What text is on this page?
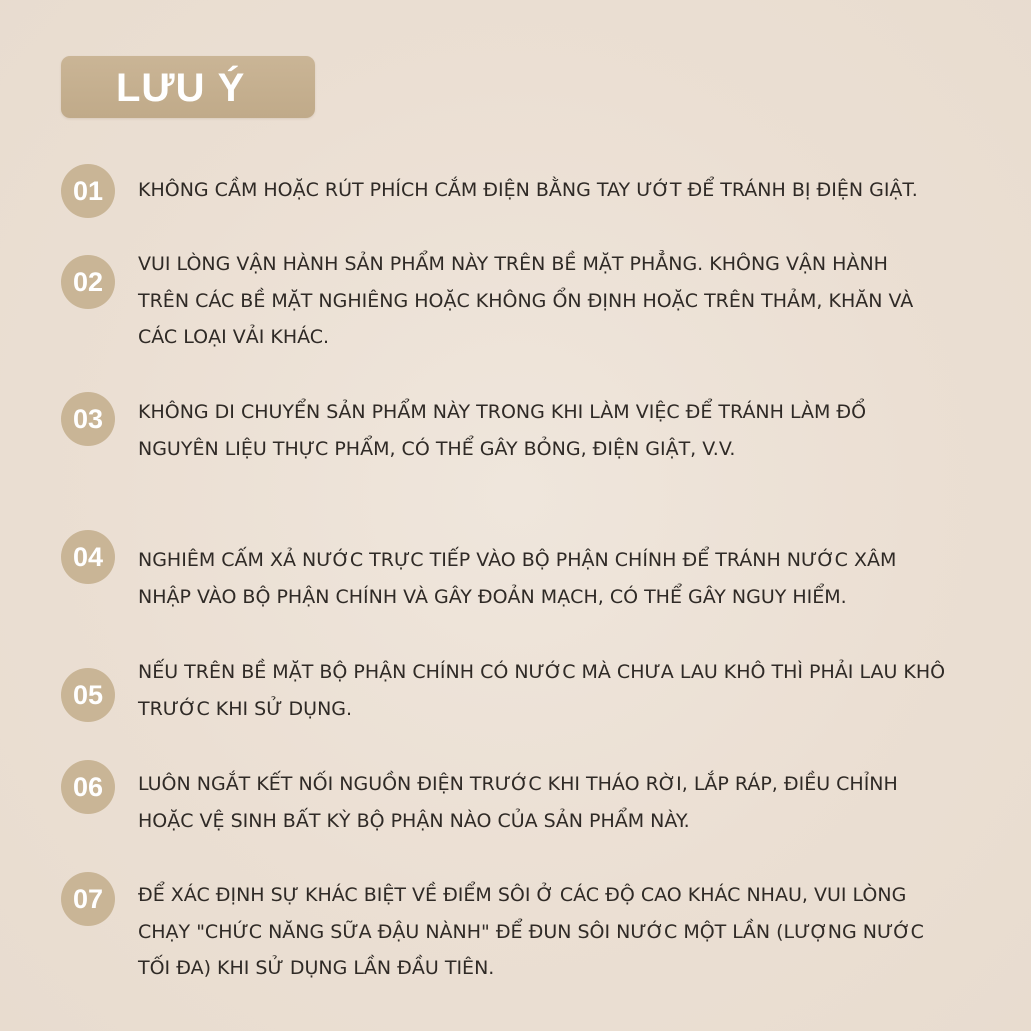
LƯU Ý
01	KHÔNG CẦM HOẶC RÚT PHÍCH CẮM ĐIỆN BẰNG TAY ƯỚT ĐỂ TRÁNH BỊ ĐIỆN GIẬT.
02
VUI LÒNG VẬN HÀNH SẢN PHẨM NÀY TRÊN BỀ MẶT PHẲNG. KHÔNG VẬN HÀNH
TRÊN CÁC BỀ MẶT NGHIÊNG HOẶC KHÔNG ỔN ĐỊNH HOẶC TRÊN THẢM, KHĂN VÀ
CÁC LOẠI VẢI KHÁC.
03	KHÔNG DI CHUYỂN SẢN PHẨM NÀY TRONG KHI LÀM VIỆC ĐỂ TRÁNH LÀM ĐỔ
NGUYÊN LIỆU THỰC PHẨM, CÓ THỂ GÂY BỎNG, ĐIỆN GIẬT, V.V.
04	NGHIÊM CẤM XẢ NƯỚC TRỰC TIẾP VÀO BỘ PHẬN CHÍNH ĐỂ TRÁNH NƯỚC XÂM
NHẬP VÀO BỘ PHẬN CHÍNH VÀ GÂY ĐOẢN MẠCH, CÓ THỂ GÂY NGUY HIỂM.
05
NẾU TRÊN BỀ MẶT BỘ PHẬN CHÍNH CÓ NƯỚC MÀ CHƯA LAU KHÔ THÌ PHẢI LAU KHÔ
TRƯỚC KHI SỬ DỤNG.
06	LUÔN NGẮT KẾT NỐI NGUỒN ĐIỆN TRƯỚC KHI THÁO RỜI, LẮP RÁP, ĐIỀU CHỈNH
HOẶC VỆ SINH BẤT KỲ BỘ PHẬN NÀO CỦA SẢN PHẨM NÀY.
07	ĐỂ XÁC ĐỊNH SỰ KHÁC BIỆT VỀ ĐIỂM SÔI Ở CÁC ĐỘ CAO KHÁC NHAU, VUI LÒNG
CHẠY "CHỨC NĂNG SỮA ĐẬU NÀNH" ĐỂ ĐUN SÔI NƯỚC MỘT LẦN (LƯỢNG NƯỚC
TỐI ĐA) KHI SỬ DỤNG LẦN ĐẦU TIÊN.
